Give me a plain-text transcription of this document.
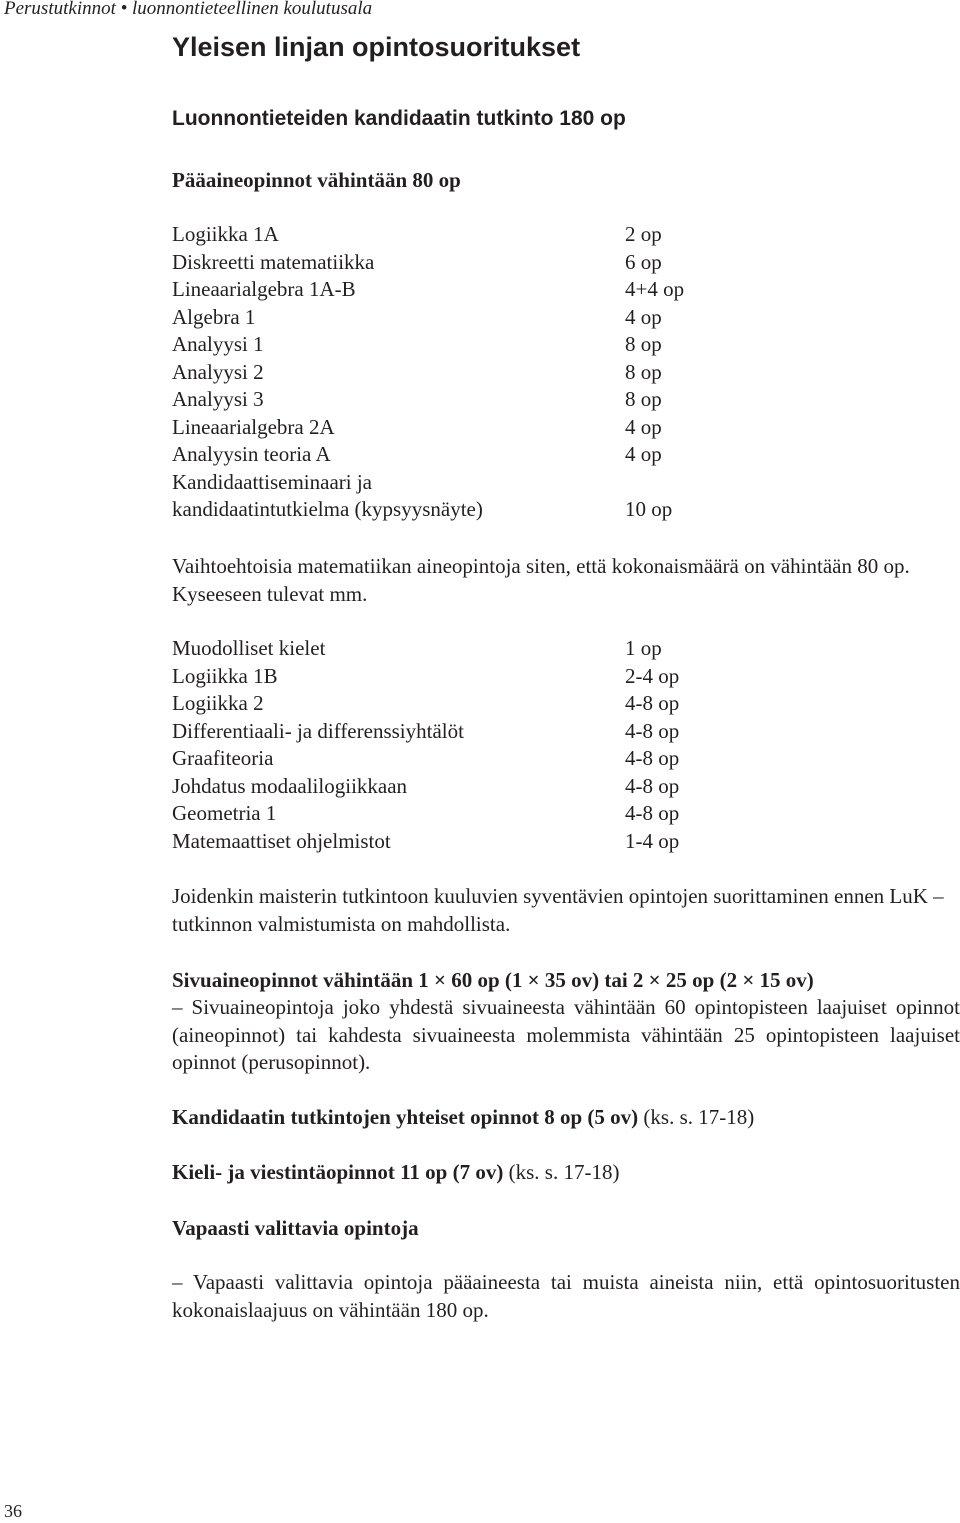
Perustutkinnot • luonnontieteellinen koulutusala
Yleisen linjan opintosuoritukset
Luonnontieteiden kandidaatin tutkinto 180 op
Pääaineopinnot vähintään 80 op
Logiikka 1A	2 op
Diskreetti matematiikka	6 op
Lineaarialgebra 1A-B	4+4 op
Algebra 1	4 op
Analyysi 1	8 op
Analyysi 2	8 op
Analyysi 3	8 op
Lineaarialgebra 2A	4 op
Analyysin teoria A	4 op
Kandidaattiseminaari ja kandidaatintutkielma (kypsyysnäyte)	10 op

Vaihtoehtoisia matematiikan aineopintoja siten, että kokonaismäärä on vähintään 80 op. Kyseeseen tulevat mm.

Muodolliset kielet	1 op
Logiikka 1B	2-4 op
Logiikka 2	4-8 op
Differentiaali- ja differenssiyhtälöt	4-8 op
Graafiteoria	4-8 op
Johdatus modaalilogiikkaan	4-8 op
Geometria 1	4-8 op
Matemaattiset ohjelmistot	1-4 op

Joidenkin maisterin tutkintoon kuuluvien syventävien opintojen suorittaminen ennen LuK –tutkinnon valmistumista on mahdollista.

Sivuaineopinnot vähintään 1 × 60 op (1 × 35 ov) tai 2 × 25 op (2 × 15 ov)

– Sivuaineopintoja joko yhdestä sivuaineesta vähintään 60 opintopisteen laajuiset opinnot (aineopinnot) tai kahdesta sivuaineesta molemmista vähintään 25 opintopisteen laajuiset opinnot (perusopinnot).

Kandidaatin tutkintojen yhteiset opinnot 8 op (5 ov) (ks. s. 17-18)

Kieli- ja viestintäopinnot 11 op (7 ov) (ks. s. 17-18)

Vapaasti valittavia opintoja

– Vapaasti valittavia opintoja pääaineesta tai muista aineista niin, että opintosuoritusten kokonaislaajuus on vähintään 180 op.

36
